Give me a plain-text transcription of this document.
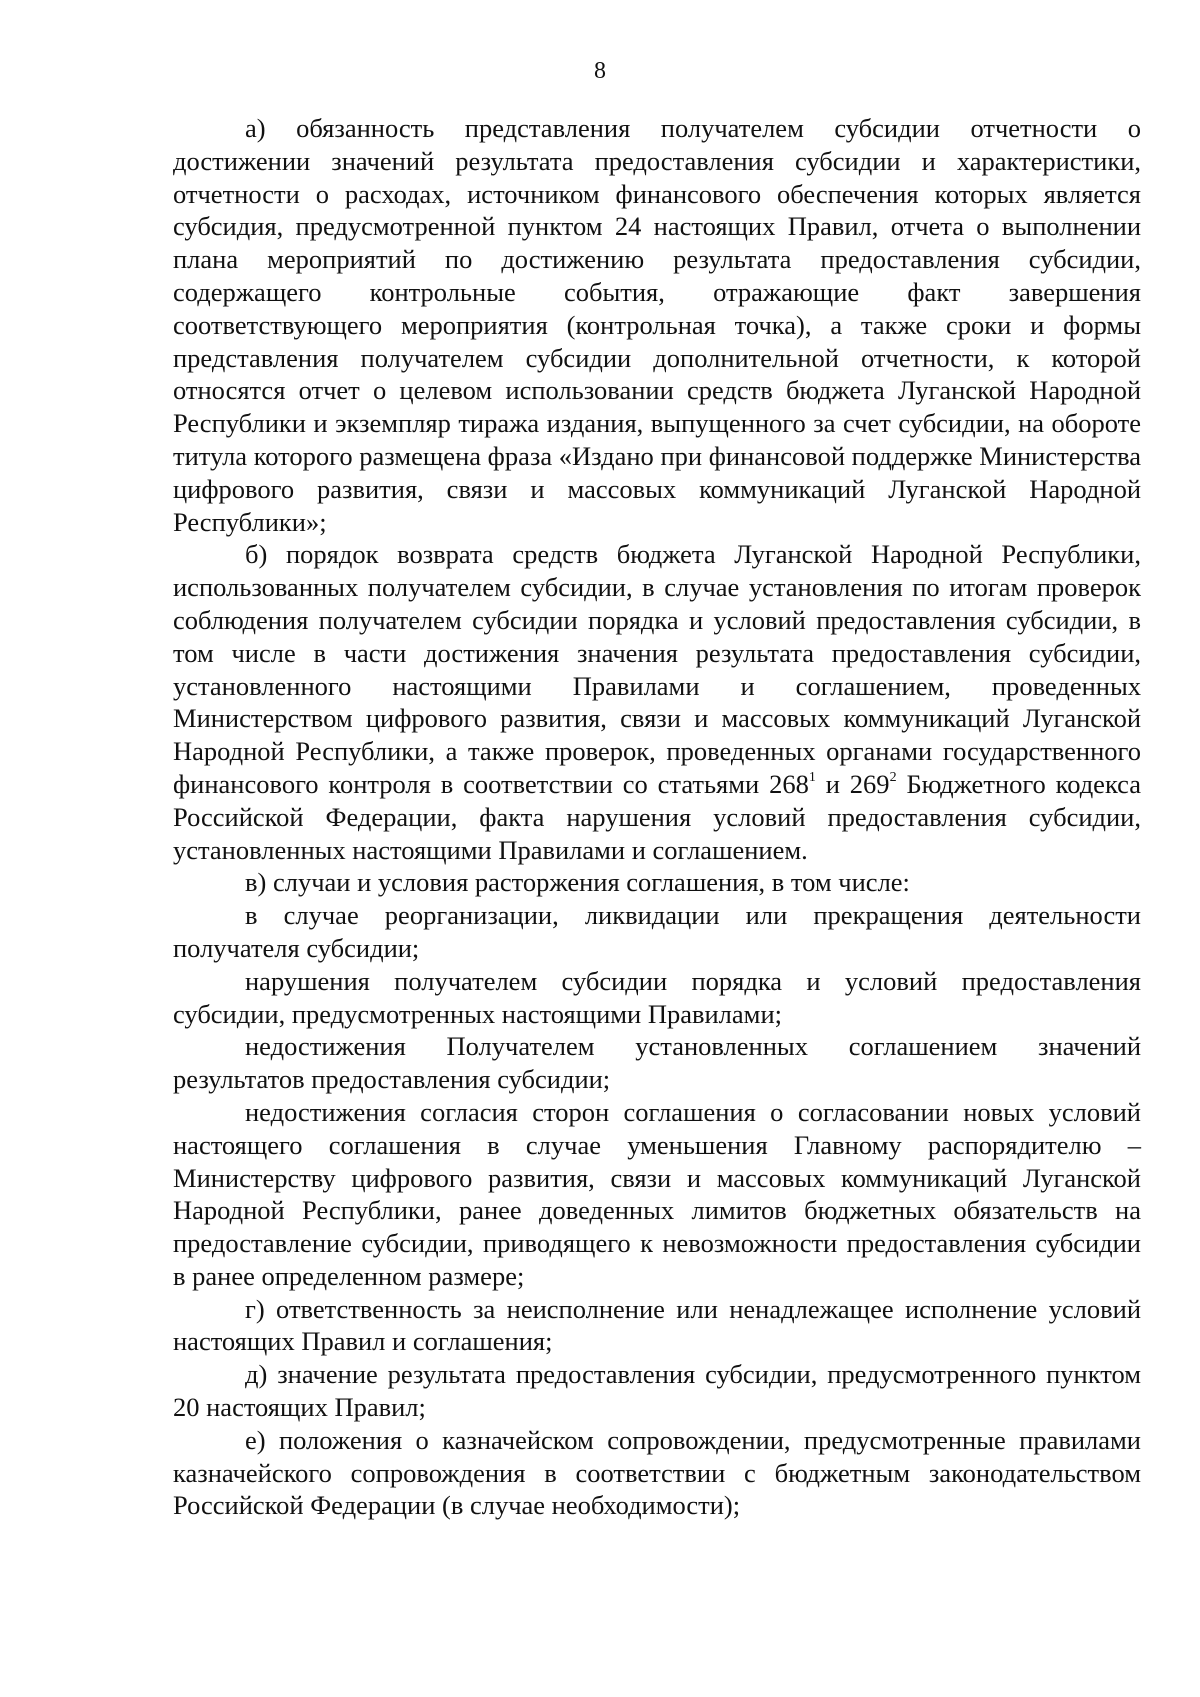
8

а) обязанность представления получателем субсидии отчетности о достижении значений результата предоставления субсидии и характеристики, отчетности о расходах, источником финансового обеспечения которых является субсидия, предусмотренной пунктом 24 настоящих Правил, отчета о выполнении плана мероприятий по достижению результата предоставления субсидии, содержащего контрольные события, отражающие факт завершения соответствующего мероприятия (контрольная точка), а также сроки и формы представления получателем субсидии дополнительной отчетности, к которой относятся отчет о целевом использовании средств бюджета Луганской Народной Республики и экземпляр тиража издания, выпущенного за счет субсидии, на обороте титула которого размещена фраза «Издано при финансовой поддержке Министерства цифрового развития, связи и массовых коммуникаций Луганской Народной Республики»;

б) порядок возврата средств бюджета Луганской Народной Республики, использованных получателем субсидии, в случае установления по итогам проверок соблюдения получателем субсидии порядка и условий предоставления субсидии, в том числе в части достижения значения результата предоставления субсидии, установленного настоящими Правилами и соглашением, проведенных Министерством цифрового развития, связи и массовых коммуникаций Луганской Народной Республики, а также проверок, проведенных органами государственного финансового контроля в соответствии со статьями $268^1$ и $269^2$ Бюджетного кодекса Российской Федерации, факта нарушения условий предоставления субсидии, установленных настоящими Правилами и соглашением.

в) случаи и условия расторжения соглашения, в том числе:

в случае реорганизации, ликвидации или прекращения деятельности получателя субсидии;

нарушения получателем субсидии порядка и условий предоставления субсидии, предусмотренных настоящими Правилами;

недостижения Получателем установленных соглашением значений результатов предоставления субсидии;

недостижения согласия сторон соглашения о согласовании новых условий настоящего соглашения в случае уменьшения Главному распорядителю – Министерству цифрового развития, связи и массовых коммуникаций Луганской Народной Республики, ранее доведенных лимитов бюджетных обязательств на предоставление субсидии, приводящего к невозможности предоставления субсидии в ранее определенном размере;

г) ответственность за неисполнение или ненадлежащее исполнение условий настоящих Правил и соглашения;

д) значение результата предоставления субсидии, предусмотренного пунктом 20 настоящих Правил;

е) положения о казначейском сопровождении, предусмотренные правилами казначейского сопровождения в соответствии с бюджетным законодательством Российской Федерации (в случае необходимости);
